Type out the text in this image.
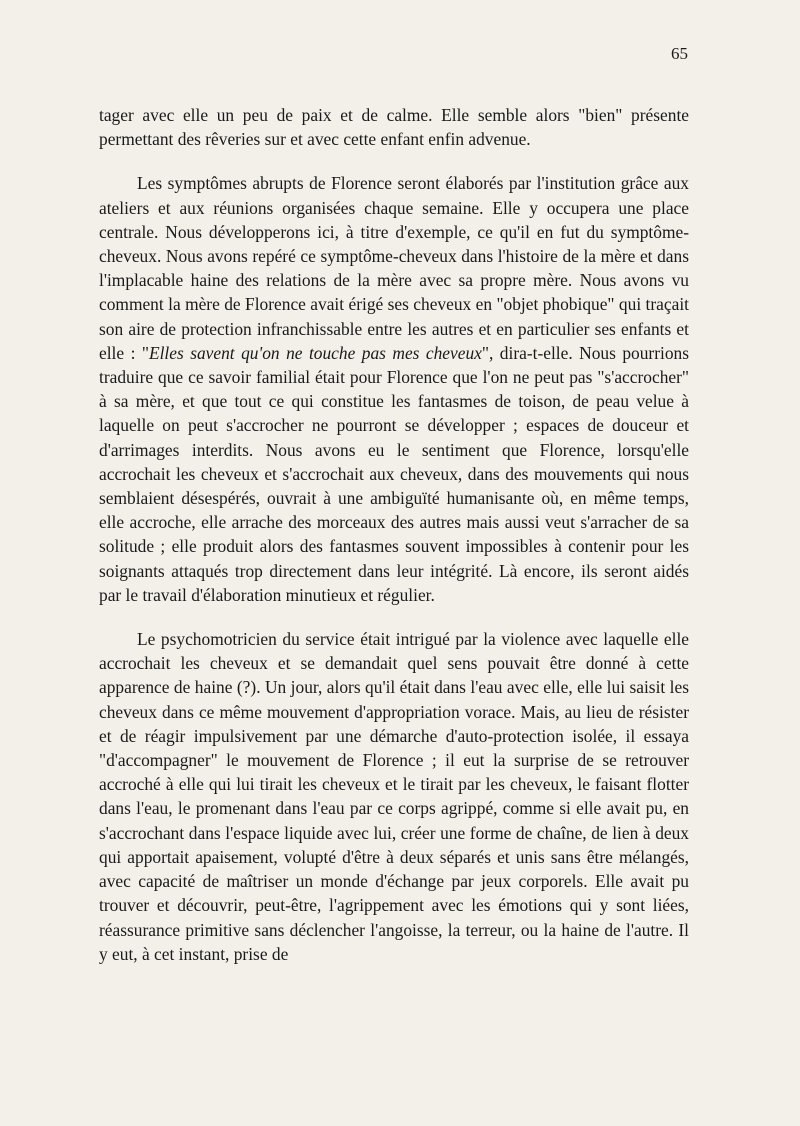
65

tager avec elle un peu de paix et de calme. Elle semble alors "bien" présente permettant des rêveries sur et avec cette enfant enfin advenue.

Les symptômes abrupts de Florence seront élaborés par l'institution grâce aux ateliers et aux réunions organisées chaque semaine. Elle y occupera une place centrale. Nous développerons ici, à titre d'exemple, ce qu'il en fut du symptôme-cheveux. Nous avons repéré ce symptôme-cheveux dans l'histoire de la mère et dans l'implacable haine des relations de la mère avec sa propre mère. Nous avons vu comment la mère de Florence avait érigé ses cheveux en "objet phobique" qui traçait son aire de protection infranchissable entre les autres et en particulier ses enfants et elle : "Elles savent qu'on ne touche pas mes cheveux", dira-t-elle. Nous pourrions traduire que ce savoir familial était pour Florence que l'on ne peut pas "s'accrocher" à sa mère, et que tout ce qui constitue les fantasmes de toison, de peau velue à laquelle on peut s'accrocher ne pourront se développer ; espaces de douceur et d'arrimages interdits. Nous avons eu le sentiment que Florence, lorsqu'elle accrochait les cheveux et s'accrochait aux cheveux, dans des mouvements qui nous semblaient désespérés, ouvrait à une ambiguïté humanisante où, en même temps, elle accroche, elle arrache des morceaux des autres mais aussi veut s'arracher de sa solitude ; elle produit alors des fantasmes souvent impossibles à contenir pour les soignants attaqués trop directement dans leur intégrité. Là encore, ils seront aidés par le travail d'élaboration minutieux et régulier.

Le psychomotricien du service était intrigué par la violence avec laquelle elle accrochait les cheveux et se demandait quel sens pouvait être donné à cette apparence de haine (?). Un jour, alors qu'il était dans l'eau avec elle, elle lui saisit les cheveux dans ce même mouvement d'appropriation vorace. Mais, au lieu de résister et de réagir impulsivement par une démarche d'auto-protection isolée, il essaya "d'accompagner" le mouvement de Florence ; il eut la surprise de se retrouver accroché à elle qui lui tirait les cheveux et le tirait par les cheveux, le faisant flotter dans l'eau, le promenant dans l'eau par ce corps agrippé, comme si elle avait pu, en s'accrochant dans l'espace liquide avec lui, créer une forme de chaîne, de lien à deux qui apportait apaisement, volupté d'être à deux séparés et unis sans être mélangés, avec capacité de maîtriser un monde d'échange par jeux corporels. Elle avait pu trouver et découvrir, peut-être, l'agrippement avec les émotions qui y sont liées, réassurance primitive sans déclencher l'angoisse, la terreur, ou la haine de l'autre. Il y eut, à cet instant, prise de
